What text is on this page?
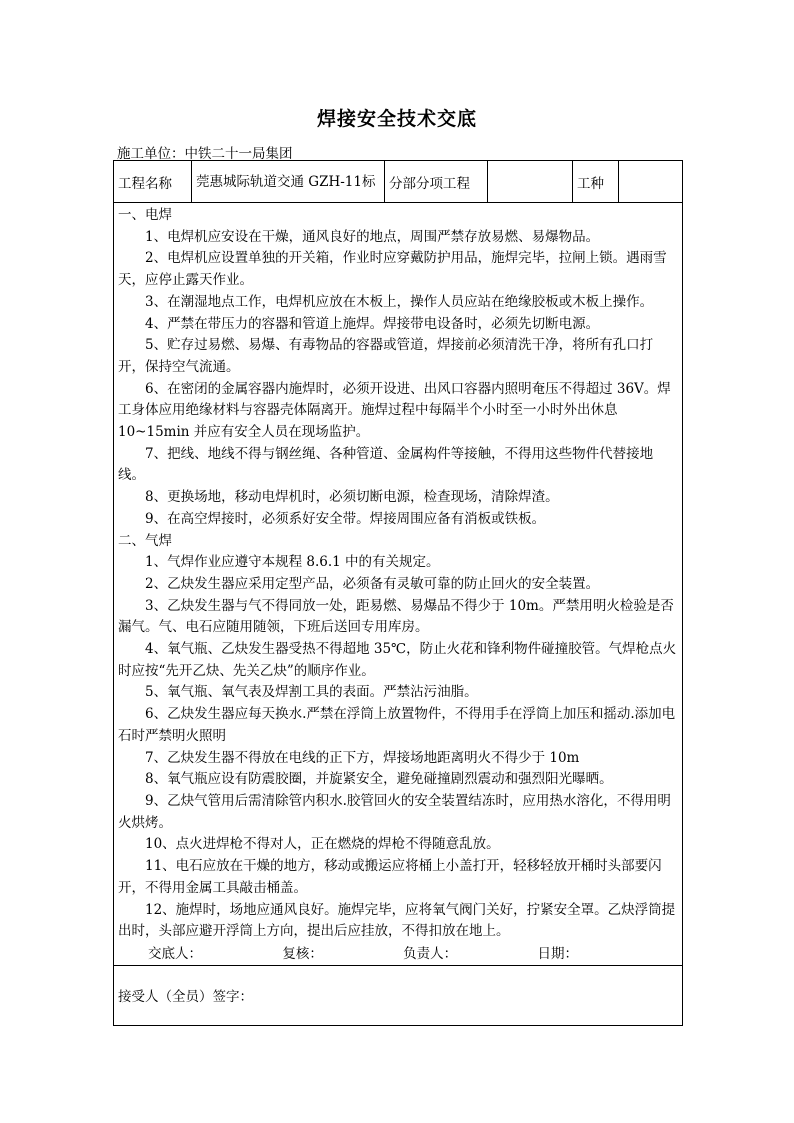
焊接安全技术交底
施工单位：中铁二十一局集团
工程名称	莞惠城际轨道交通 GZH-11标	分部分项工程		工种	

一、电焊

1、电焊机应安设在干燥，通风良好的地点，周围严禁存放易燃、易爆物品。

2、电焊机应设置单独的开关箱，作业时应穿戴防护用品，施焊完毕，拉闸上锁。遇雨雪天，应停止露天作业。

3、在潮湿地点工作，电焊机应放在木板上，操作人员应站在绝缘胶板或木板上操作。

4、严禁在带压力的容器和管道上施焊。焊接带电设备时，必须先切断电源。

5、贮存过易燃、易爆、有毒物品的容器或管道，焊接前必须清洗干净，将所有孔口打开，保持空气流通。

6、在密闭的金属容器内施焊时，必须开设进、出风口容器内照明奄压不得超过 36V。焊工身体应用绝缘材料与容器壳体隔离开。施焊过程中每隔半个小时至一小时外出休息 10~15min 并应有安全人员在现场监护。

7、把线、地线不得与钢丝绳、各种管道、金属构件等接触，不得用这些物件代替接地线。

8、更换场地，移动电焊机时，必须切断电源，检查现场，清除焊渣。

9、在高空焊接时，必须系好安全带。焊接周围应备有消板或铁板。

二、气焊

1、气焊作业应遵守本规程 8.6.1 中的有关规定。

2、乙炔发生器应采用定型产品，必须备有灵敏可靠的防止回火的安全装置。

3、乙炔发生器与气不得同放一处，距易燃、易爆品不得少于 10m。严禁用明火检验是否漏气。气、电石应随用随领，下班后送回专用库房。

4、氧气瓶、乙炔发生器受热不得超地 35℃，防止火花和锋利物件碰撞胶管。气焊枪点火时应按“先开乙炔、先关乙炔”的顺序作业。

5、氧气瓶、氧气表及焊割工具的表面。严禁沾污油脂。

6、乙炔发生器应每天换水.严禁在浮筒上放置物件，不得用手在浮筒上加压和摇动.添加电石时严禁明火照明

7、乙炔发生器不得放在电线的正下方，焊接场地距离明火不得少于 10m

8、氧气瓶应设有防震胶圈，并旋紧安全，避免碰撞剧烈震动和强烈阳光曝晒。

9、乙炔气管用后需清除管内积水.胶管回火的安全装置结冻时，应用热水溶化，不得用明火烘烤。

10、点火进焊枪不得对人，正在燃烧的焊枪不得随意乱放。

11、电石应放在干燥的地方，移动或搬运应将桶上小盖打开，轻移轻放开桶时头部要闪开，不得用金属工具敲击桶盖。

12、施焊时，场地应通风良好。施焊完毕，应将氧气阀门关好，拧紧安全罩。乙炔浮筒提出时，头部应避开浮筒上方向，提出后应挂放，不得扣放在地上。

交底人：	复核：	负责人：	日期：

接受人（全员）签字：
